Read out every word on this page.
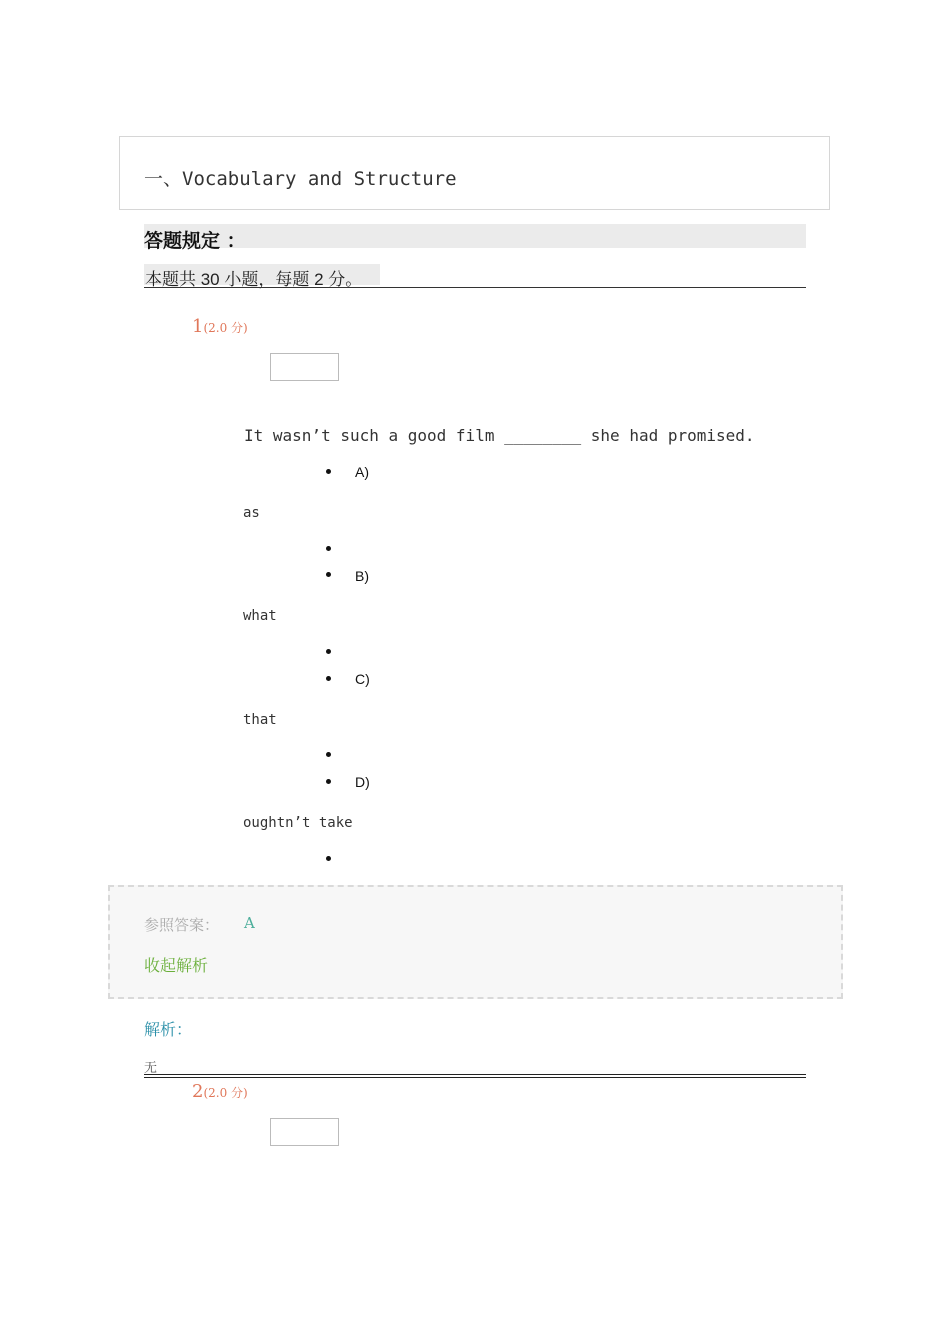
一、Vocabulary and Structure
答题规定 ：
本题共 30 小题，每题 2 分。
1(2.0 分)
It wasn’t such a good film ________ she had promised.
A)
as
B)
what
C)
that
D)
oughtn’t take
参照答案： A
收起解析
解析：
无
2(2.0 分)
